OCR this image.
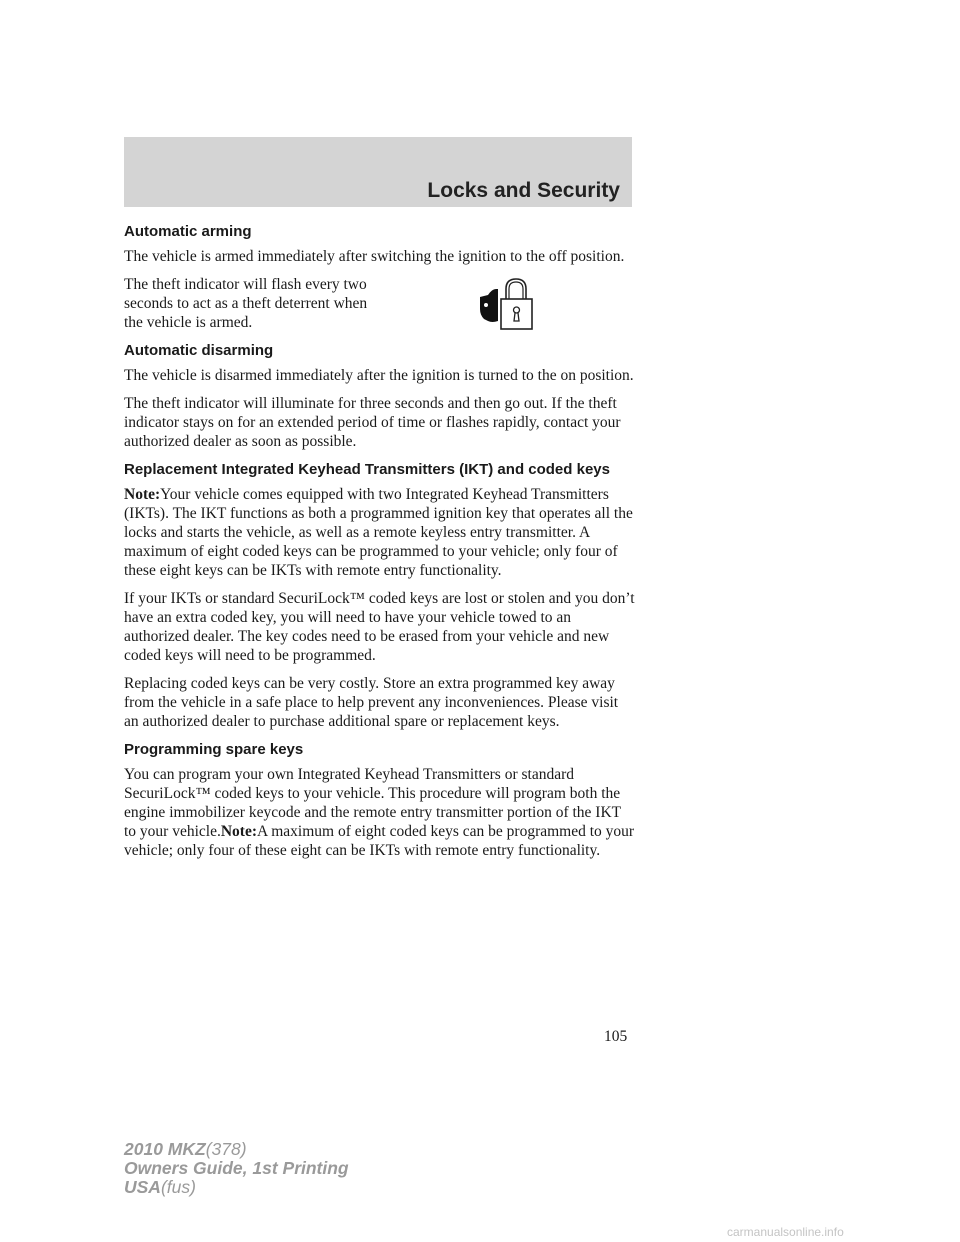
Locks and Security
Automatic arming

The vehicle is armed immediately after switching the ignition to the off position.

The theft indicator will flash every two seconds to act as a theft deterrent when the vehicle is armed.

Automatic disarming

The vehicle is disarmed immediately after the ignition is turned to the on position.

The theft indicator will illuminate for three seconds and then go out. If the theft indicator stays on for an extended period of time or flashes rapidly, contact your authorized dealer as soon as possible.

Replacement Integrated Keyhead Transmitters (IKT) and coded keys

Note:Your vehicle comes equipped with two Integrated Keyhead Transmitters (IKTs). The IKT functions as both a programmed ignition key that operates all the locks and starts the vehicle, as well as a remote keyless entry transmitter. A maximum of eight coded keys can be programmed to your vehicle; only four of these eight keys can be IKTs with remote entry functionality.

If your IKTs or standard SecuriLock™ coded keys are lost or stolen and you don’t have an extra coded key, you will need to have your vehicle towed to an authorized dealer. The key codes need to be erased from your vehicle and new coded keys will need to be programmed.

Replacing coded keys can be very costly. Store an extra programmed key away from the vehicle in a safe place to help prevent any inconveniences. Please visit an authorized dealer to purchase additional spare or replacement keys.

Programming spare keys

You can program your own Integrated Keyhead Transmitters or standard SecuriLock™ coded keys to your vehicle. This procedure will program both the engine immobilizer keycode and the remote entry transmitter portion of the IKT to your vehicle.Note:A maximum of eight coded keys can be programmed to your vehicle; only four of these eight can be IKTs with remote entry functionality.

105
2010 MKZ(378)
Owners Guide, 1st Printing
USA(fus)
carmanualsonline.info
